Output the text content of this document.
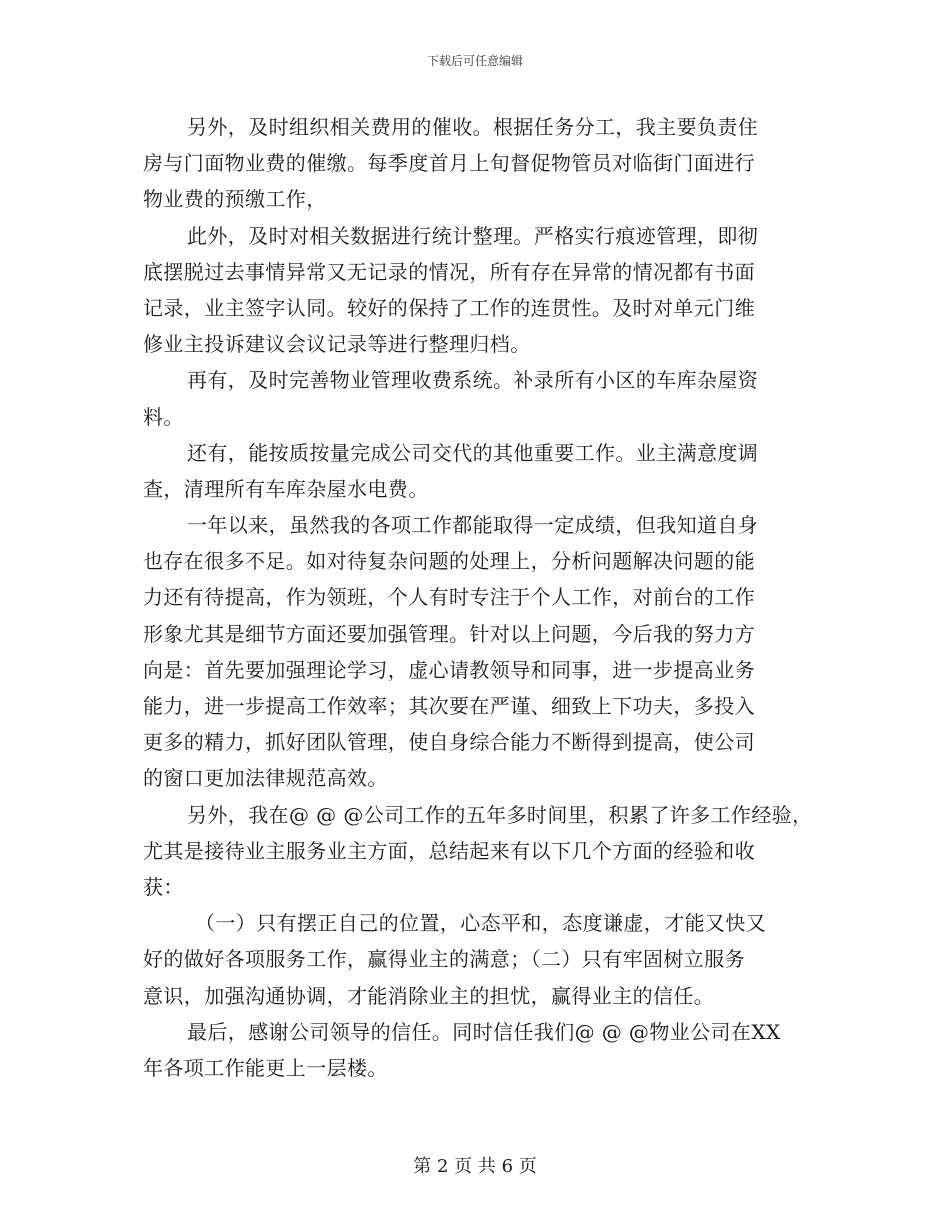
下载后可任意编辑
另外，及时组织相关费用的催收。根据任务分工，我主要负责住
房与门面物业费的催缴。每季度首月上旬督促物管员对临街门面进行
物业费的预缴工作，
此外，及时对相关数据进行统计整理。严格实行痕迹管理，即彻
底摆脱过去事情异常又无记录的情况，所有存在异常的情况都有书面
记录，业主签字认同。较好的保持了工作的连贯性。及时对单元门维
修业主投诉建议会议记录等进行整理归档。
再有，及时完善物业管理收费系统。补录所有小区的车库杂屋资
料。
还有，能按质按量完成公司交代的其他重要工作。业主满意度调
查，清理所有车库杂屋水电费。
一年以来，虽然我的各项工作都能取得一定成绩，但我知道自身
也存在很多不足。如对待复杂问题的处理上，分析问题解决问题的能
力还有待提高，作为领班，个人有时专注于个人工作，对前台的工作
形象尤其是细节方面还要加强管理。针对以上问题，今后我的努力方
向是：首先要加强理论学习，虚心请教领导和同事，进一步提高业务
能力，进一步提高工作效率；其次要在严谨、细致上下功夫，多投入
更多的精力，抓好团队管理，使自身综合能力不断得到提高，使公司
的窗口更加法律规范高效。
另外，我在@ @ @公司工作的五年多时间里，积累了许多工作经验，
尤其是接待业主服务业主方面，总结起来有以下几个方面的经验和收
获：
（一）只有摆正自己的位置，心态平和，态度谦虚，才能又快又
好的做好各项服务工作，赢得业主的满意；（二）只有牢固树立服务
意识，加强沟通协调，才能消除业主的担忧，赢得业主的信任。
最后，感谢公司领导的信任。同时信任我们@ @ @物业公司在XX
年各项工作能更上一层楼。
第 2 页 共 6 页
